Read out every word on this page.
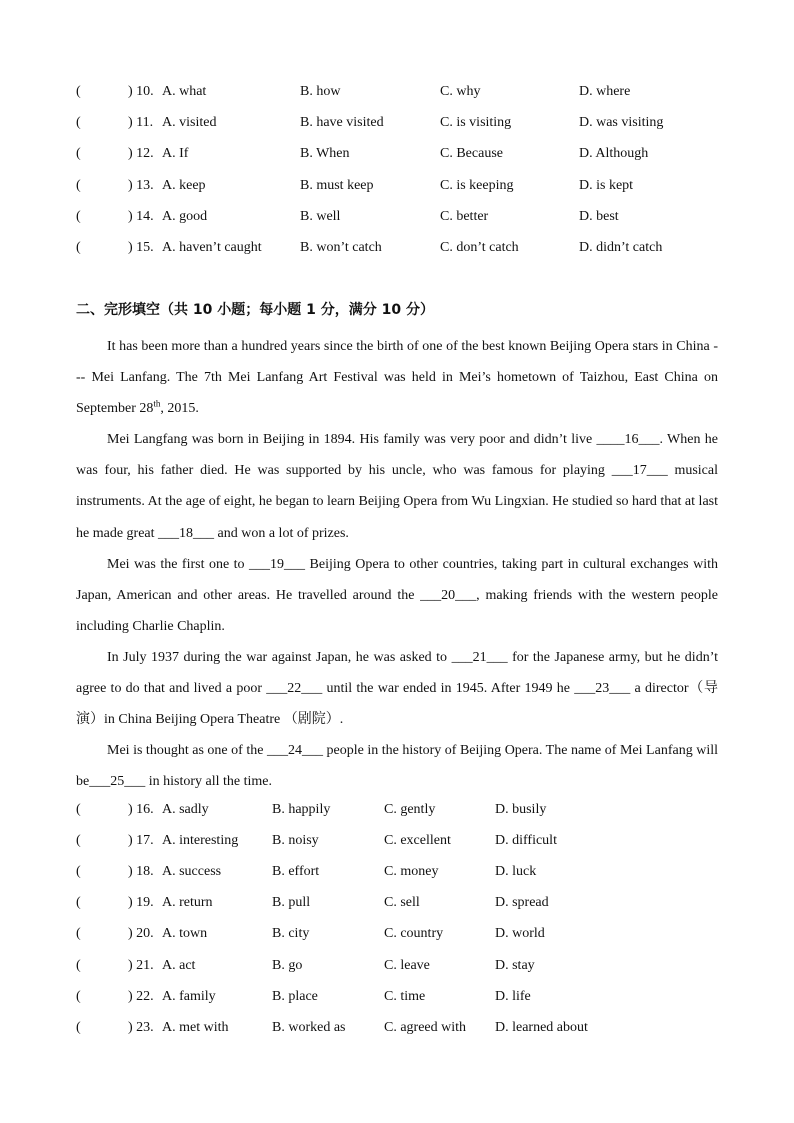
(	) 10. A. what	B. how	C. why	D. where
(	) 11. A. visited	B. have visited	C. is visiting	D. was visiting
(	) 12. A. If	B. When	C. Because	D. Although
(	) 13. A. keep	B. must keep	C. is keeping	D. is kept
(	) 14. A. good	B. well	C. better	D. best
(	) 15. A. haven’t caught	B. won’t catch	C. don’t catch	D. didn’t catch
二、完形填空（共 10 小题；每小题 1 分，满分 10 分）

It has been more than a hundred years since the birth of one of the best known Beijing Opera stars in China --- Mei Lanfang. The 7th Mei Lanfang Art Festival was held in Mei’s hometown of Taizhou, East China on September 28th, 2015.

Mei Langfang was born in Beijing in 1894. His family was very poor and didn’t live ____16___. When he was four, his father died. He was supported by his uncle, who was famous for playing ___17___ musical instruments. At the age of eight, he began to learn Beijing Opera from Wu Lingxian. He studied so hard that at last he made great ___18___ and won a lot of prizes.

Mei was the first one to ___19___ Beijing Opera to other countries, taking part in cultural exchanges with Japan, American and other areas. He travelled around the ___20___, making friends with the western people including Charlie Chaplin.

In July 1937 during the war against Japan, he was asked to ___21___ for the Japanese army, but he didn’t agree to do that and lived a poor ___22___ until the war ended in 1945. After 1949 he ___23___ a director（导演）in China Beijing Opera Theatre （剧院）.

Mei is thought as one of the ___24___ people in the history of Beijing Opera. The name of Mei Lanfang will be___25___ in history all the time.

(	) 16. A. sadly	B. happily	C. gently	D. busily
(	) 17. A. interesting B. noisy	C. excellent	D. difficult
(	) 18. A. success	B. effort	C. money	D. luck
(	) 19. A. return	B. pull	C. sell	D. spread
(	) 20. A. town	B. city	C. country	D. world
(	) 21. A. act	B. go	C. leave	D. stay
(	) 22. A. family	B. place	C. time	D. life
(	) 23. A. met with	B. worked as	C. agreed with D. learned about
